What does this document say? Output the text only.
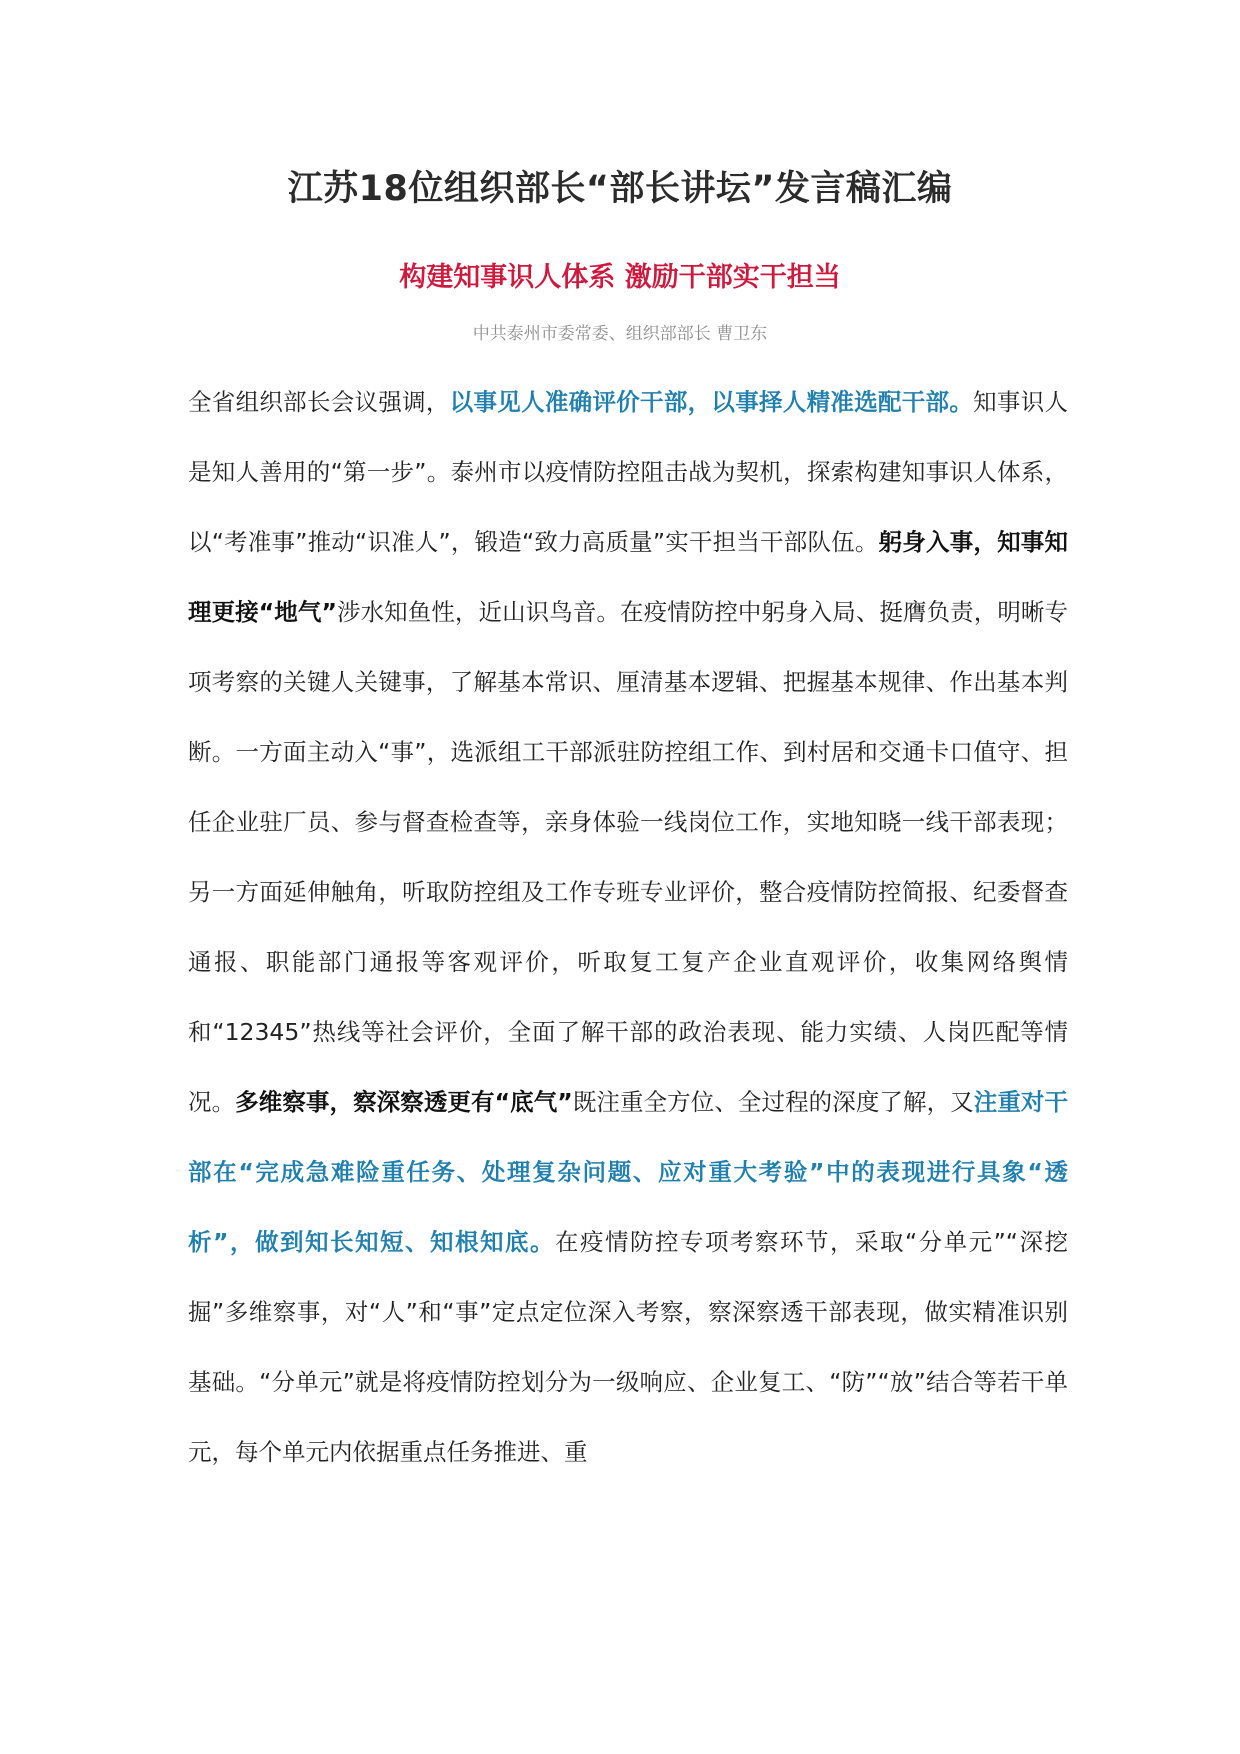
江苏18位组织部长“部长讲坛”发言稿汇编
构建知事识人体系 激励干部实干担当

中共泰州市委常委、组织部部长 曹卫东

全省组织部长会议强调，以事见人准确评价干部，以事择人精准选配干部。知事识人是知人善用的“第一步”。泰州市以疫情防控阻击战为契机，探索构建知事识人体系，以“考准事”推动“识准人”，锻造“致力高质量”实干担当干部队伍。躬身入事，知事知理更接“地气”涉水知鱼性，近山识鸟音。在疫情防控中躬身入局、挺膺负责，明晰专项考察的关键人关键事，了解基本常识、厘清基本逻辑、把握基本规律、作出基本判断。一方面主动入“事”，选派组工干部派驻防控组工作、到村居和交通卡口值守、担任企业驻厂员、参与督查检查等，亲身体验一线岗位工作，实地知晓一线干部表现；另一方面延伸触角，听取防控组及工作专班专业评价，整合疫情防控简报、纪委督查通报、职能部门通报等客观评价，听取复工复产企业直观评价，收集网络舆情和“12345”热线等社会评价，全面了解干部的政治表现、能力实绩、人岗匹配等情况。多维察事，察深察透更有“底气”既注重全方位、全过程的深度了解，又注重对干部在“完成急难险重任务、处理复杂问题、应对重大考验”中的表现进行具象“透析”，做到知长知短、知根知底。在疫情防控专项考察环节，采取“分单元”“深挖掘”多维察事，对“人”和“事”定点定位深入考察，察深察透干部表现，做实精准识别基础。“分单元”就是将疫情防控划分为一级响应、企业复工、“防”“放”结合等若干单元，每个单元内依据重点任务推进、重
